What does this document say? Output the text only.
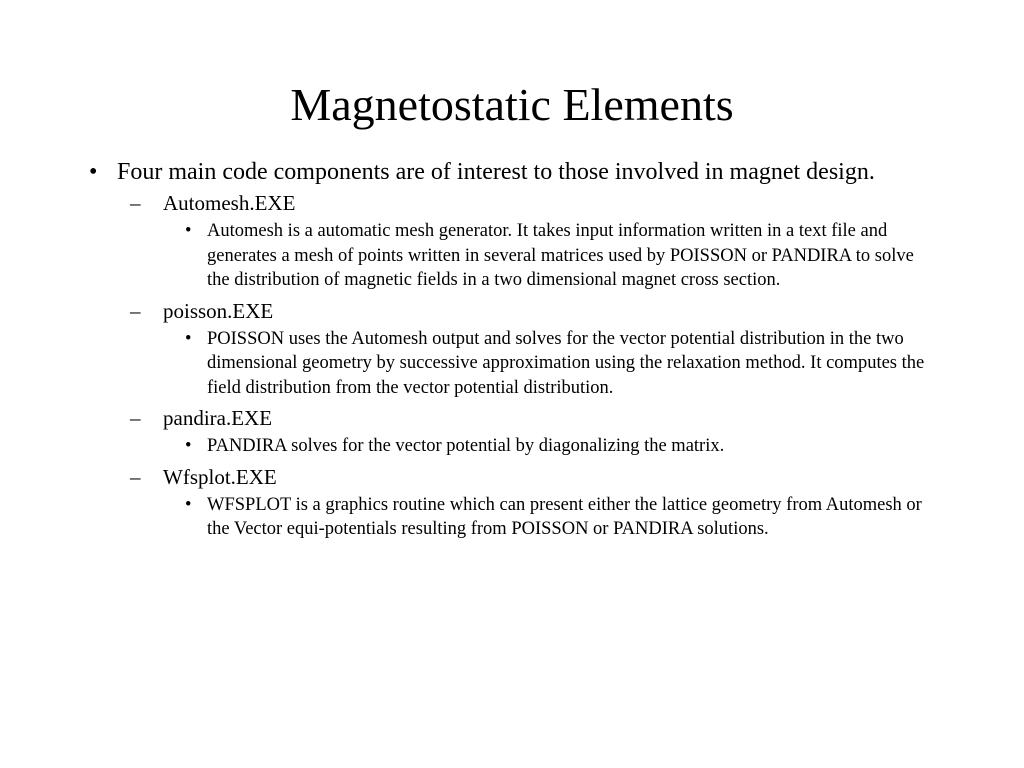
Magnetostatic Elements
• Four main code components are of interest to those involved in magnet design.
– Automesh.EXE
• Automesh is a automatic mesh generator. It takes input information written in a text file and generates a mesh of points written in several matrices used by POISSON or PANDIRA to solve the distribution of magnetic fields in a two dimensional magnet cross section.
– poisson.EXE
• POISSON uses the Automesh output and solves for the vector potential distribution in the two dimensional geometry by successive approximation using the relaxation method. It computes the field distribution from the vector potential distribution.
– pandira.EXE
• PANDIRA solves for the vector potential by diagonalizing the matrix.
– Wfsplot.EXE
• WFSPLOT is a graphics routine which can present either the lattice geometry from Automesh or the Vector equi-potentials resulting from POISSON or PANDIRA solutions.
